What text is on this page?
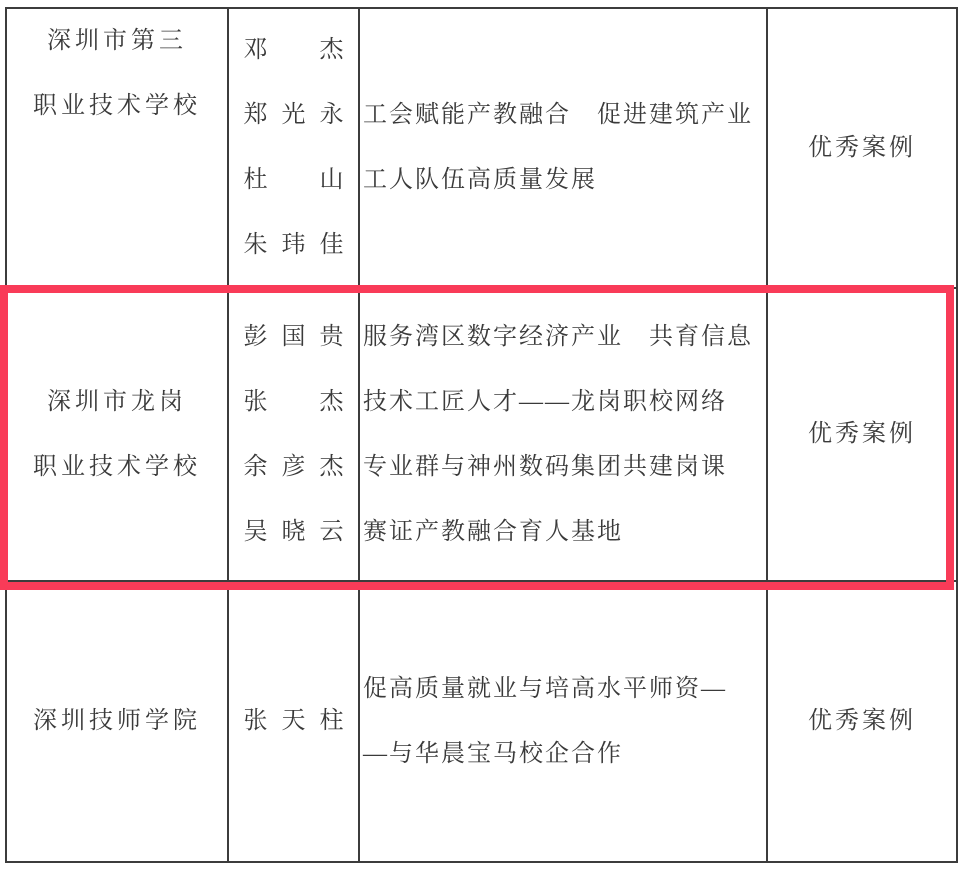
深圳市第三
职业技术学校
邓杰
郑光永
杜山
朱玮佳
工会赋能产教融合　促进建筑产业
工人队伍高质量发展
优秀案例
深圳市龙岗
职业技术学校
彭国贵
张杰
余彦杰
吴晓云
服务湾区数字经济产业　共育信息
技术工匠人才——龙岗职校网络
专业群与神州数码集团共建岗课
赛证产教融合育人基地
优秀案例
深圳技师学院 张天柱
促高质量就业与培高水平师资—
—与华晨宝马校企合作
优秀案例
